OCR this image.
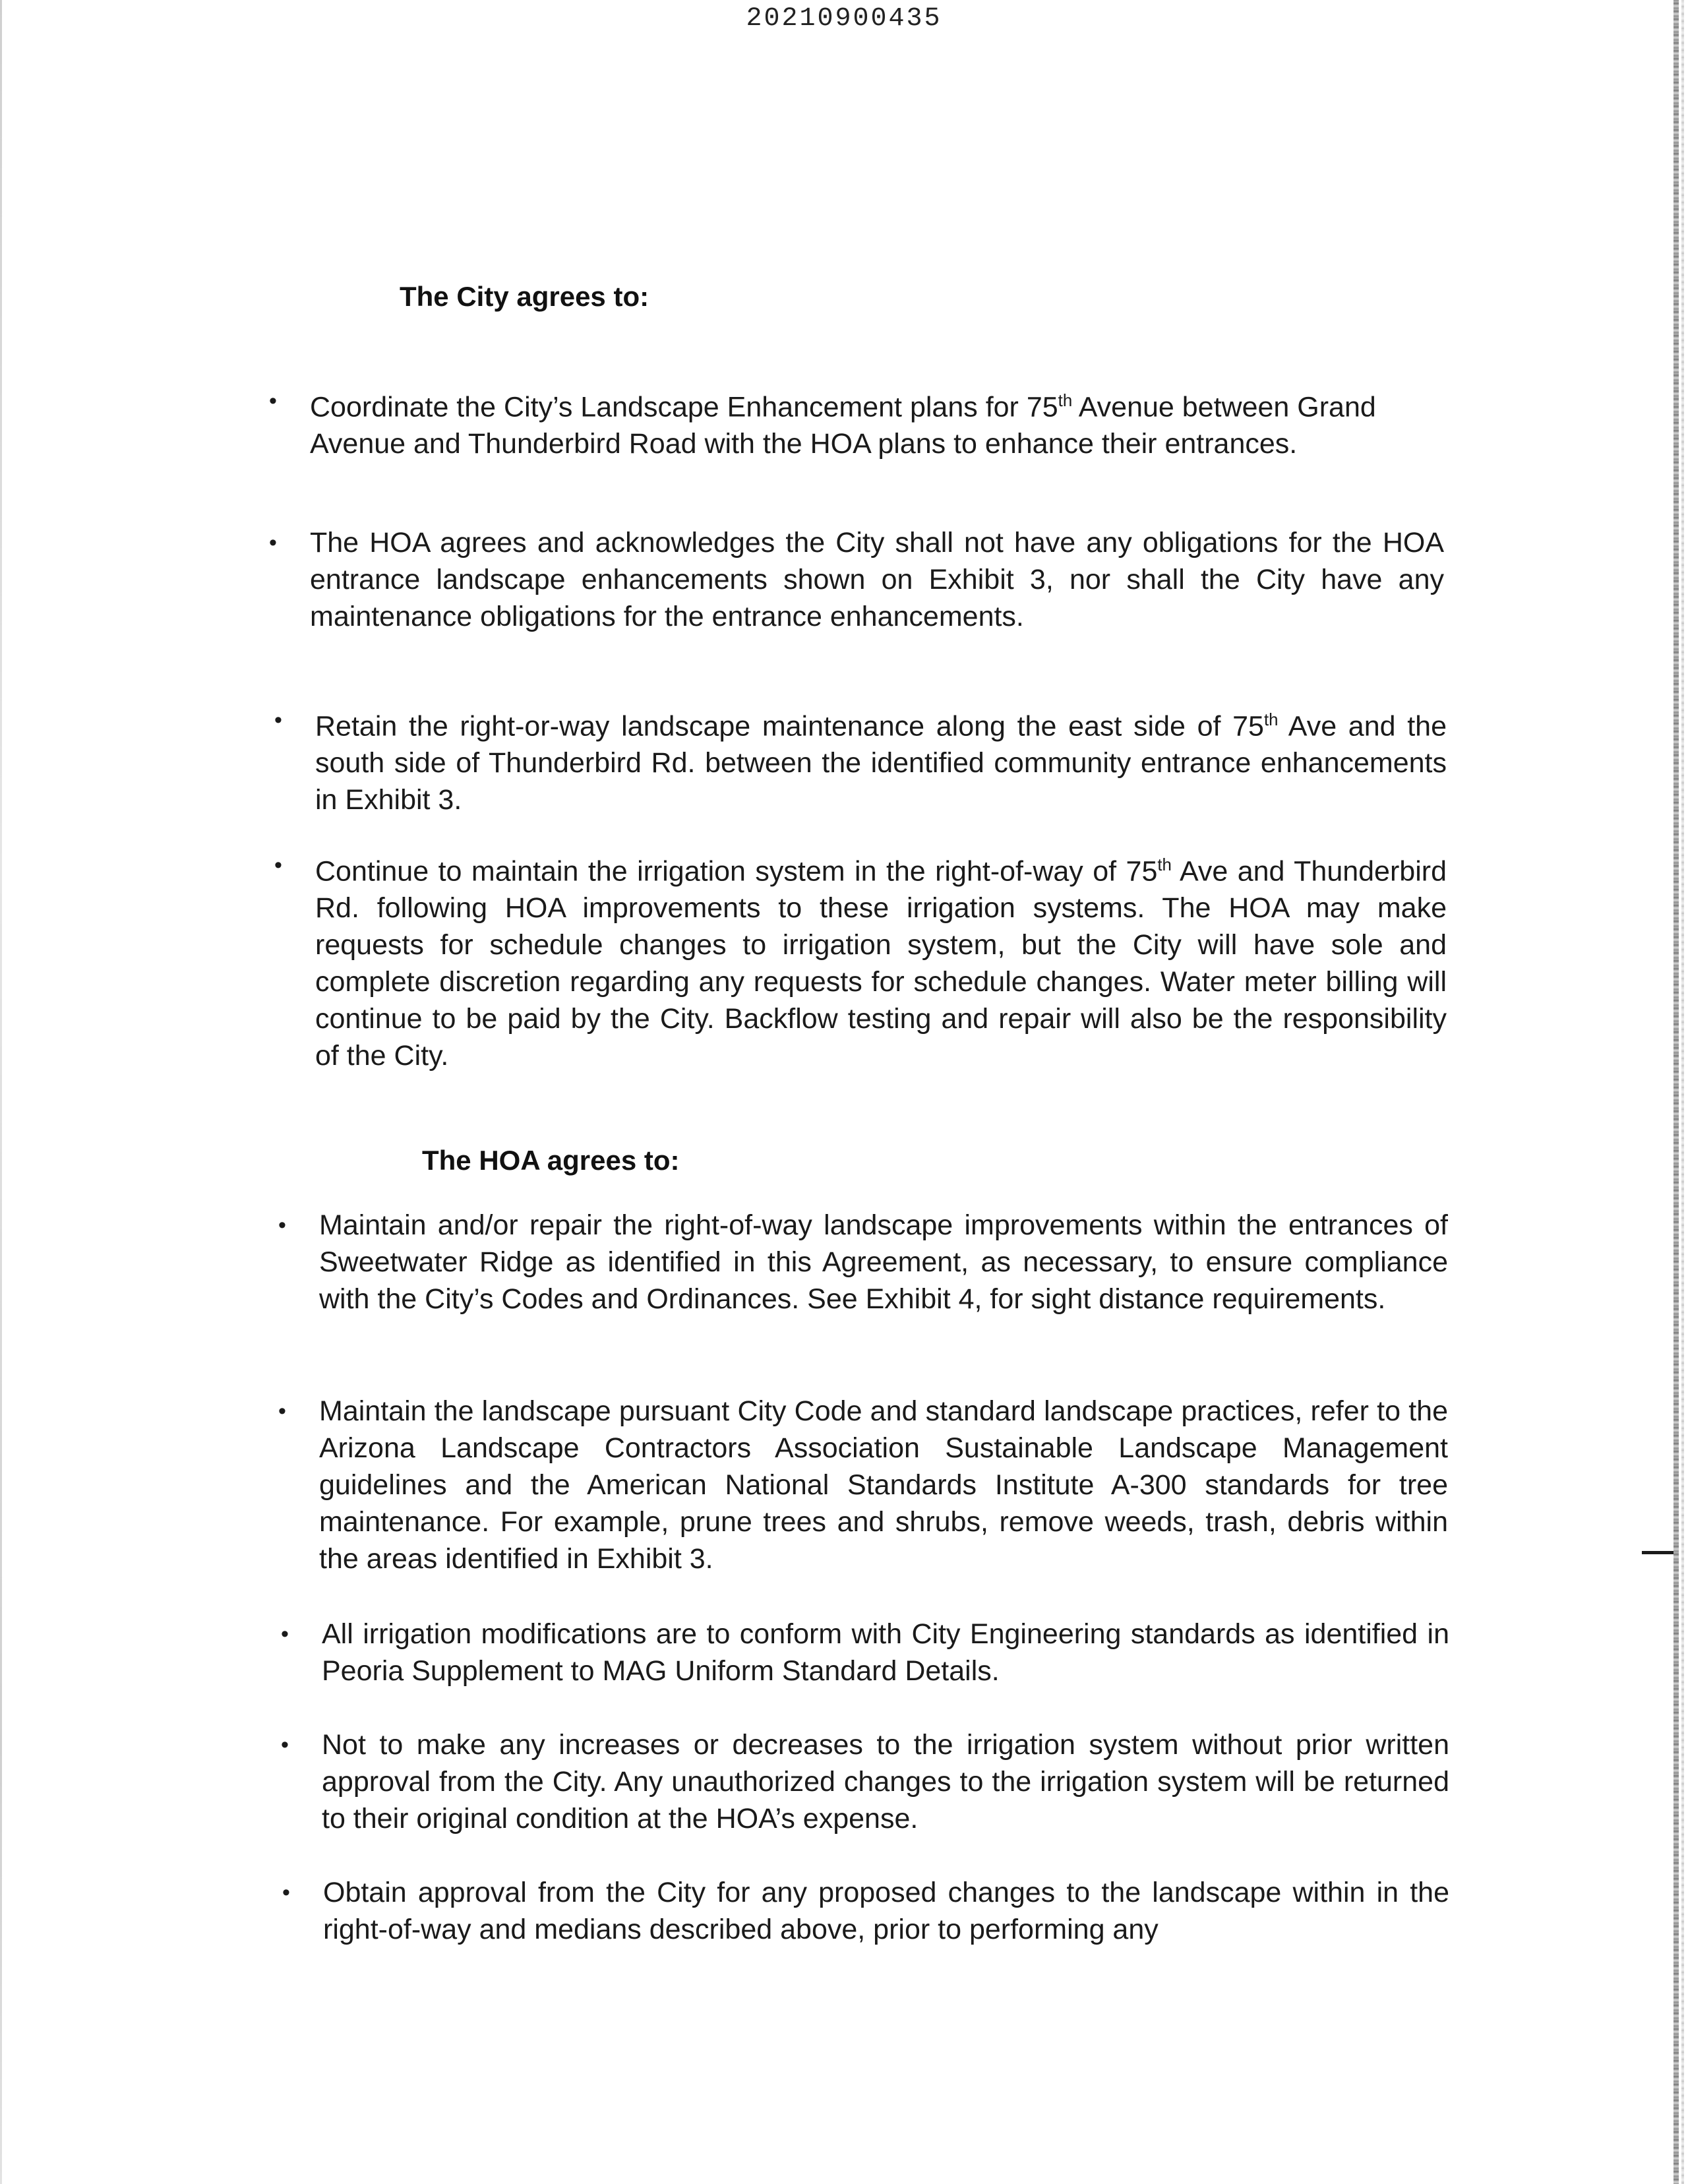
20210900435
The City agrees to:
• Coordinate the City’s Landscape Enhancement plans for 75th Avenue between Grand Avenue and Thunderbird Road with the HOA plans to enhance their entrances.
• The HOA agrees and acknowledges the City shall not have any obligations for the HOA entrance landscape enhancements shown on Exhibit 3, nor shall the City have any maintenance obligations for the entrance enhancements.
• Retain the right-or-way landscape maintenance along the east side of 75th Ave and the south side of Thunderbird Rd. between the identified community entrance enhancements in Exhibit 3.
• Continue to maintain the irrigation system in the right-of-way of 75th Ave and Thunderbird Rd. following HOA improvements to these irrigation systems. The HOA may make requests for schedule changes to irrigation system, but the City will have sole and complete discretion regarding any requests for schedule changes. Water meter billing will continue to be paid by the City. Backflow testing and repair will also be the responsibility of the City.
The HOA agrees to:
• Maintain and/or repair the right-of-way landscape improvements within the entrances of Sweetwater Ridge as identified in this Agreement, as necessary, to ensure compliance with the City’s Codes and Ordinances. See Exhibit 4, for sight distance requirements.
• Maintain the landscape pursuant City Code and standard landscape practices, refer to the Arizona Landscape Contractors Association Sustainable Landscape Management guidelines and the American National Standards Institute A-300 standards for tree maintenance. For example, prune trees and shrubs, remove weeds, trash, debris within the areas identified in Exhibit 3.
• All irrigation modifications are to conform with City Engineering standards as identified in Peoria Supplement to MAG Uniform Standard Details.
• Not to make any increases or decreases to the irrigation system without prior written approval from the City. Any unauthorized changes to the irrigation system will be returned to their original condition at the HOA’s expense.
• Obtain approval from the City for any proposed changes to the landscape within in the right-of-way and medians described above, prior to performing any
